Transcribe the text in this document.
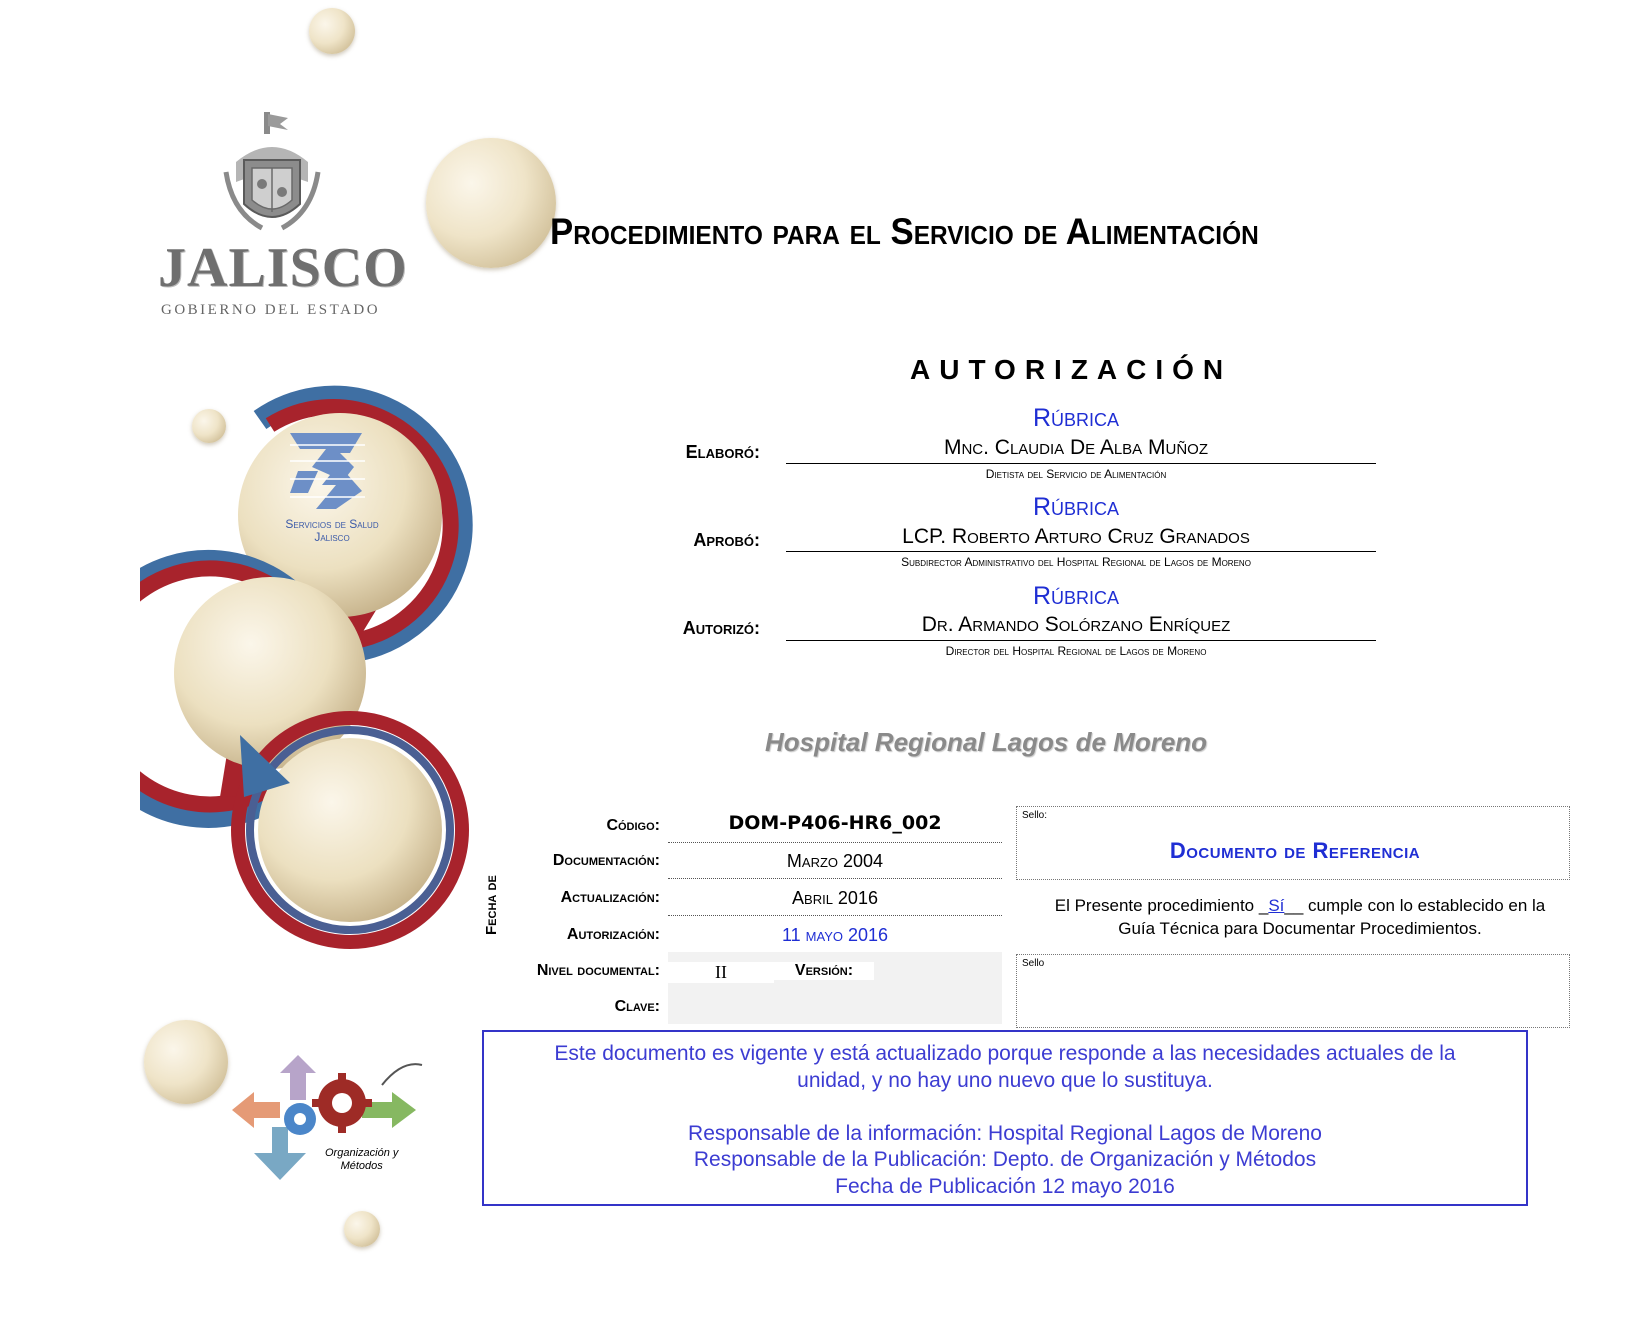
JALISCO
GOBIERNO DEL ESTADO
Procedimiento para el Servicio de Alimentación
Servicios de Salud
Jalisco
AUTORIZACIÓN
Rúbrica
Elaboró:	Mnc. Claudia De Alba Muñoz
Dietista del Servicio de Alimentación
Rúbrica
Aprobó:	LCP. Roberto Arturo Cruz Granados
Subdirector Administrativo del Hospital Regional de Lagos de Moreno
Rúbrica
Autorizó:	Dr. Armando Solórzano Enríquez
Director del Hospital Regional de Lagos de Moreno
Hospital Regional Lagos de Moreno
Fecha de
Código:	DOM-P406-HR6_002
Documentación:	Marzo 2004
Actualización:	Abril 2016
Autorización:	11 mayo 2016
Nivel documental:	II	Versión:
Clave:
Sello:
Documento de Referencia
El Presente procedimiento _Sí__ cumple con lo establecido en la
Guía Técnica para Documentar Procedimientos.
Sello

Este documento es vigente y está actualizado porque responde a las necesidades actuales de la

unidad, y no hay uno nuevo que lo sustituya.

Responsable de la información: Hospital Regional Lagos de Moreno

Responsable de la Publicación: Depto. de Organización y Métodos

Fecha de Publicación 12 mayo 2016

Organización y
Métodos
